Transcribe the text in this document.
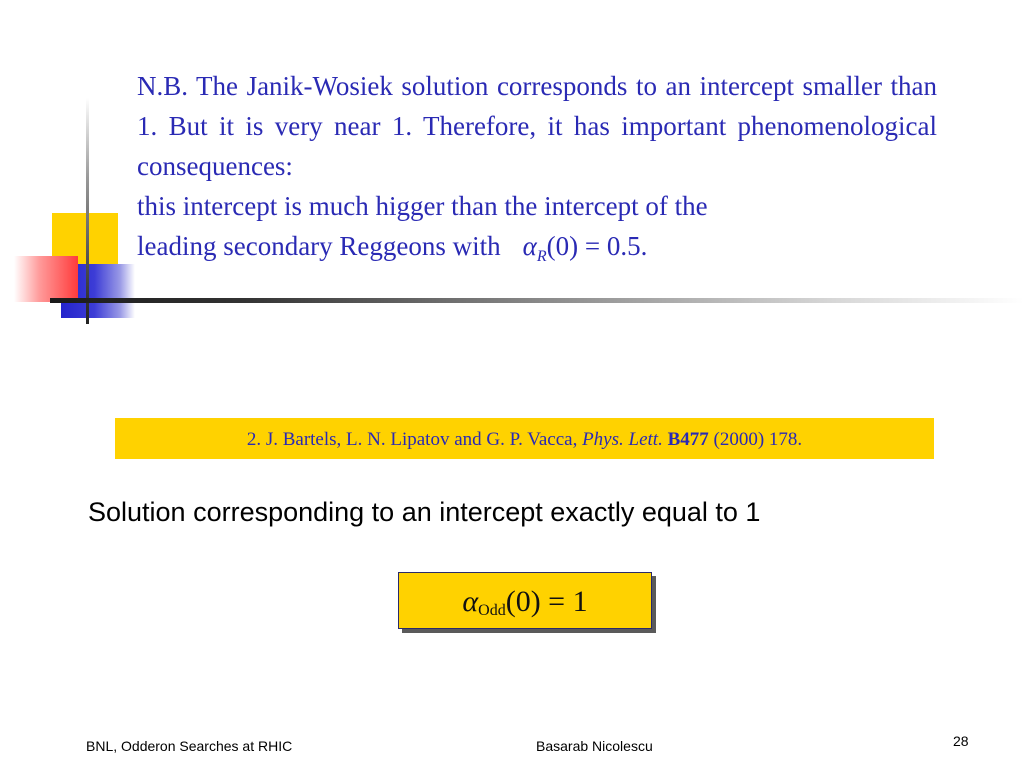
N.B. The Janik-Wosiek solution corresponds to an intercept smaller than 1. But it is very near 1. Therefore, it has important phenomenological consequences:

this intercept is much higger than the intercept of the

leading secondary Reggeons with $\alpha_R(0) = 0.5$.

2. J. Bartels, L. N. Lipatov and G. P. Vacca, Phys. Lett. B477 (2000) 178.
Solution corresponding to an intercept exactly equal to 1
$\alpha_{Odd}(0) = 1$
BNL, Odderon Searches at RHIC	Basarab Nicolescu	28
